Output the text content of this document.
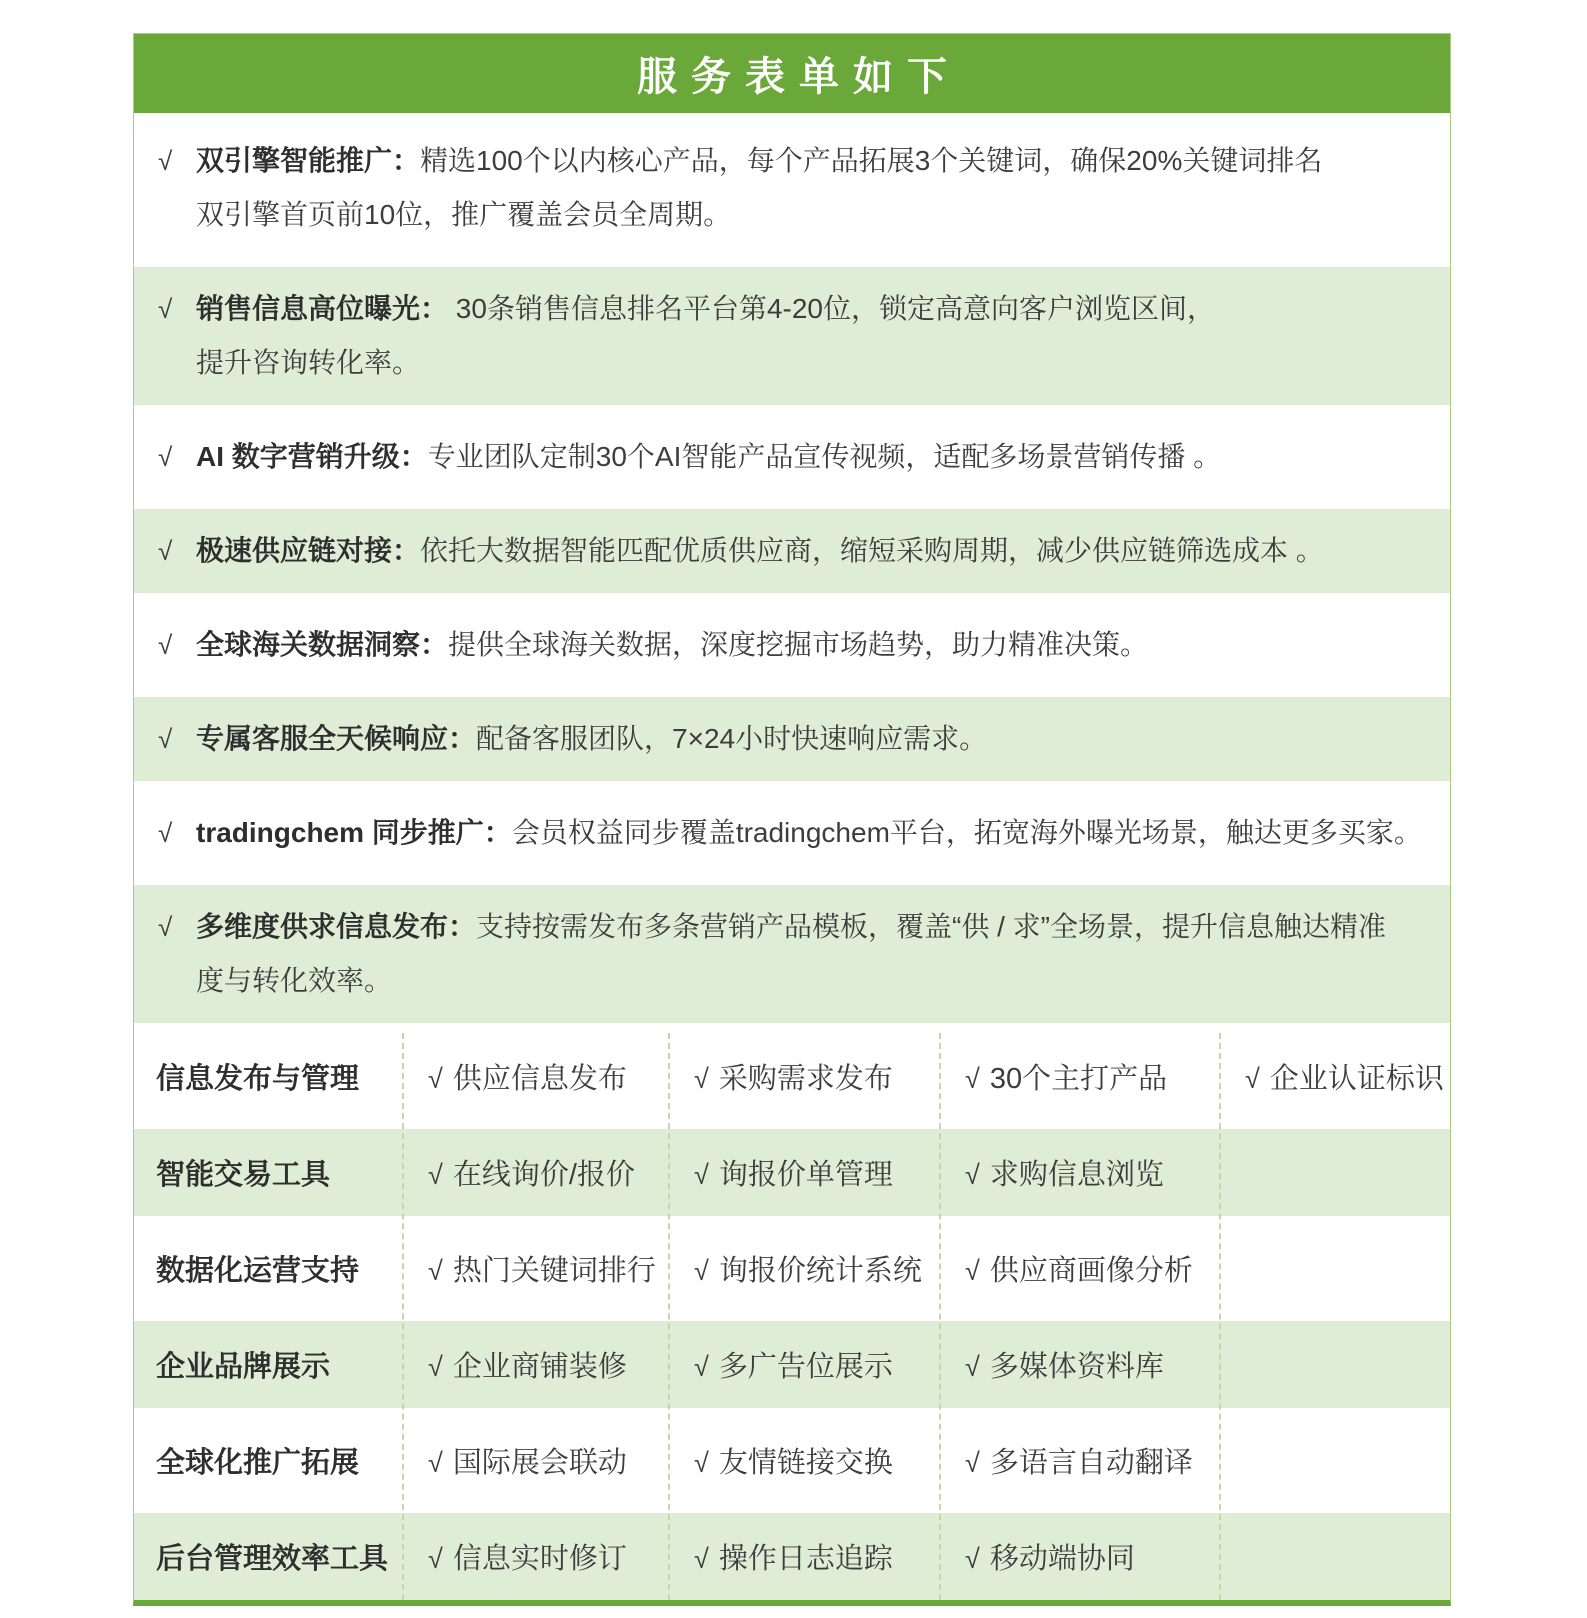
服务表单如下
√ 双引擎智能推广：精选100个以内核心产品，每个产品拓展3个关键词，确保20%关键词排名
双引擎首页前10位，推广覆盖会员全周期。
√ 销售信息高位曝光： 30条销售信息排名平台第4-20位，锁定高意向客户浏览区间，
提升咨询转化率。
√ AI 数字营销升级：专业团队定制30个AI智能产品宣传视频，适配多场景营销传播 。
√ 极速供应链对接：依托大数据智能匹配优质供应商，缩短采购周期，减少供应链筛选成本 。
√ 全球海关数据洞察：提供全球海关数据，深度挖掘市场趋势，助力精准决策。
√ 专属客服全天候响应：配备客服团队，7×24小时快速响应需求。
√ tradingchem 同步推广：会员权益同步覆盖tradingchem平台，拓宽海外曝光场景，触达更多买家。
√ 多维度供求信息发布：支持按需发布多条营销产品模板，覆盖“供 / 求”全场景，提升信息触达精准
度与转化效率。
信息发布与管理	√ 供应信息发布	√ 采购需求发布	√ 30个主打产品	√ 企业认证标识
智能交易工具	√ 在线询价/报价	√ 询报价单管理	√ 求购信息浏览
数据化运营支持	√ 热门关键词排行	√ 询报价统计系统	√ 供应商画像分析
企业品牌展示	√ 企业商铺装修	√ 多广告位展示	√ 多媒体资料库
全球化推广拓展	√ 国际展会联动	√ 友情链接交换	√ 多语言自动翻译
后台管理效率工具	√ 信息实时修订	√ 操作日志追踪	√ 移动端协同
